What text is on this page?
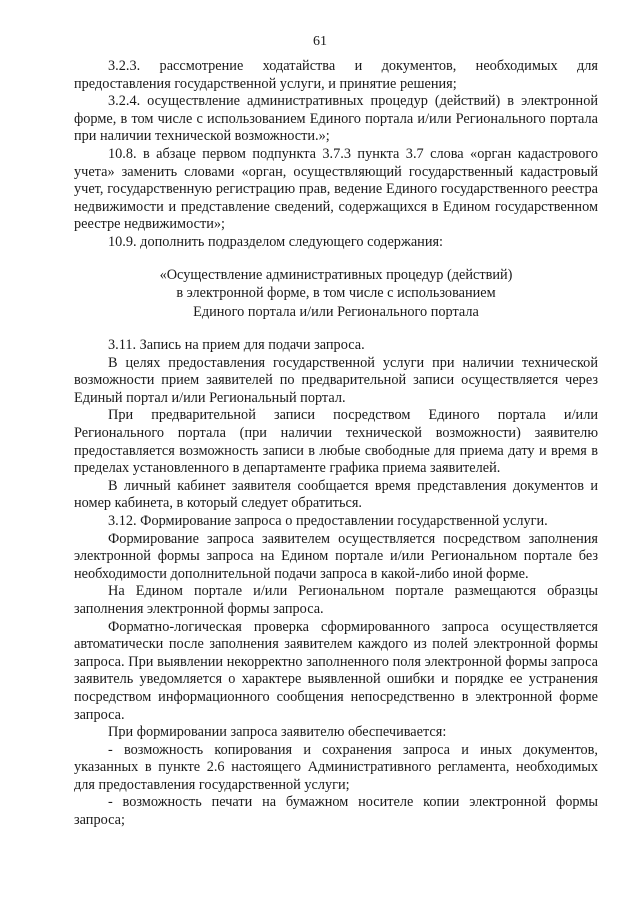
61

3.2.3. рассмотрение ходатайства и документов, необходимых для предоставления государственной услуги, и принятие решения;

3.2.4. осуществление административных процедур (действий) в электронной форме, в том числе с использованием Единого портала и/или Регионального портала при наличии технической возможности.»;

10.8. в абзаце первом подпункта 3.7.3 пункта 3.7 слова «орган кадастрового учета» заменить словами «орган, осуществляющий государственный кадастровый учет, государственную регистрацию прав, ведение Единого государственного реестра недвижимости и представление сведений, содержащихся в Едином государственном реестре недвижимости»;

10.9. дополнить подразделом следующего содержания:

«Осуществление административных процедур (действий)
в электронной форме, в том числе с использованием
Единого портала и/или Регионального портала

3.11. Запись на прием для подачи запроса.

В целях предоставления государственной услуги при наличии технической возможности прием заявителей по предварительной записи осуществляется через Единый портал и/или Региональный портал.

При предварительной записи посредством Единого портала и/или Регионального портала (при наличии технической возможности) заявителю предоставляется возможность записи в любые свободные для приема дату и время в пределах установленного в департаменте графика приема заявителей.

В личный кабинет заявителя сообщается время представления документов и номер кабинета, в который следует обратиться.

3.12. Формирование запроса о предоставлении государственной услуги.

Формирование запроса заявителем осуществляется посредством заполнения электронной формы запроса на Едином портале и/или Региональном портале без необходимости дополнительной подачи запроса в какой-либо иной форме.

На Едином портале и/или Региональном портале размещаются образцы заполнения электронной формы запроса.

Форматно-логическая проверка сформированного запроса осуществляется автоматически после заполнения заявителем каждого из полей электронной формы запроса. При выявлении некорректно заполненного поля электронной формы запроса заявитель уведомляется о характере выявленной ошибки и порядке ее устранения посредством информационного сообщения непосредственно в электронной форме запроса.

При формировании запроса заявителю обеспечивается:

- возможность копирования и сохранения запроса и иных документов, указанных в пункте 2.6 настоящего Административного регламента, необходимых для предоставления государственной услуги;

- возможность печати на бумажном носителе копии электронной формы запроса;
